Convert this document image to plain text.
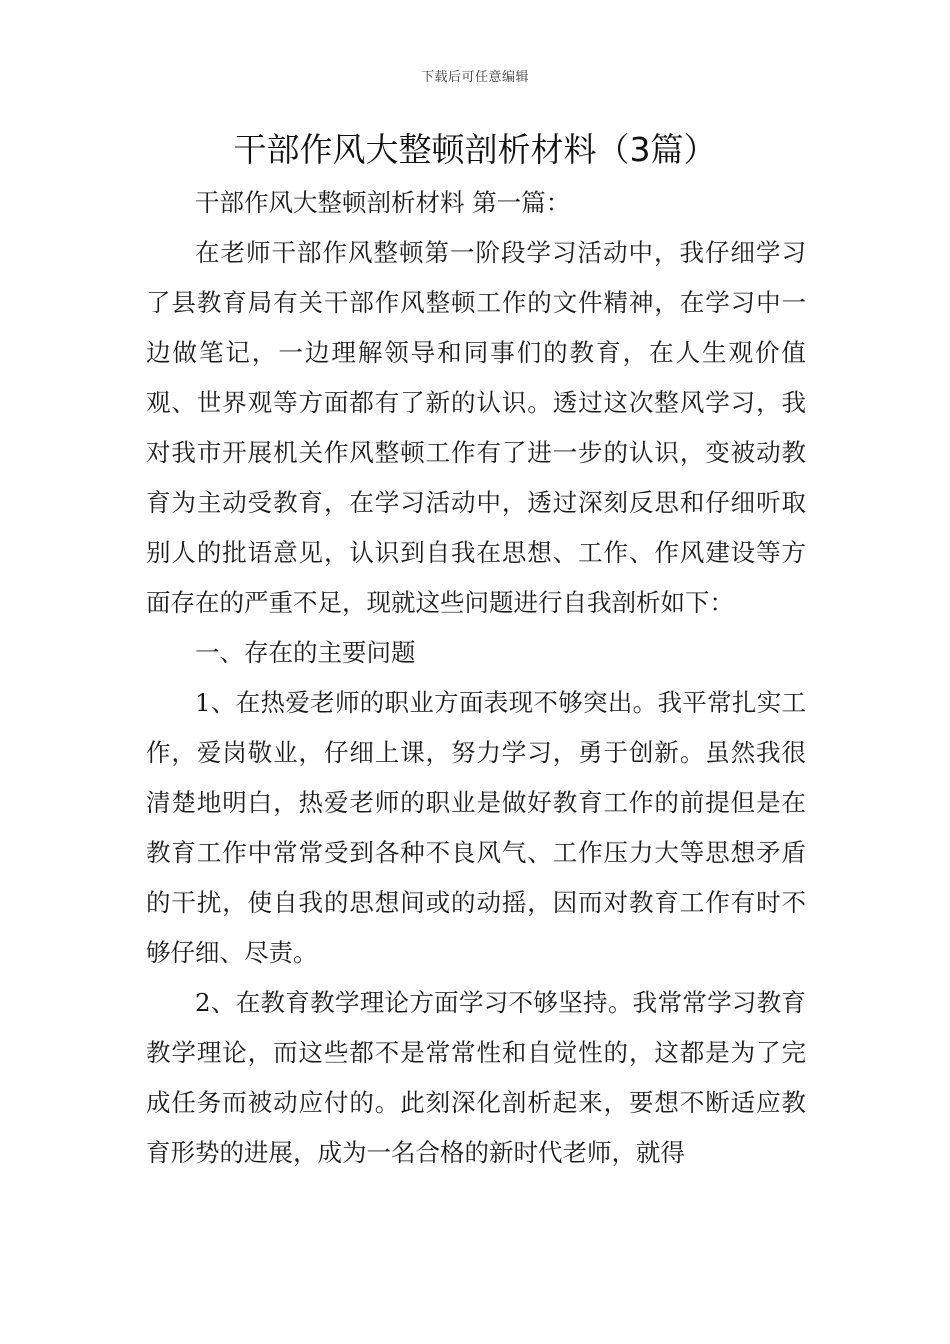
下载后可任意编辑
干部作风大整顿剖析材料（3篇）

干部作风大整顿剖析材料 第一篇：

在老师干部作风整顿第一阶段学习活动中，我仔细学习了县教育局有关干部作风整顿工作的文件精神，在学习中一边做笔记，一边理解领导和同事们的教育，在人生观价值观、世界观等方面都有了新的认识。透过这次整风学习，我对我市开展机关作风整顿工作有了进一步的认识，变被动教育为主动受教育，在学习活动中，透过深刻反思和仔细听取别人的批语意见，认识到自我在思想、工作、作风建设等方面存在的严重不足，现就这些问题进行自我剖析如下：

一、存在的主要问题

1、在热爱老师的职业方面表现不够突出。我平常扎实工作，爱岗敬业，仔细上课，努力学习，勇于创新。虽然我很清楚地明白，热爱老师的职业是做好教育工作的前提但是在教育工作中常常受到各种不良风气、工作压力大等思想矛盾的干扰，使自我的思想间或的动摇，因而对教育工作有时不够仔细、尽责。

2、在教育教学理论方面学习不够坚持。我常常学习教育教学理论，而这些都不是常常性和自觉性的，这都是为了完成任务而被动应付的。此刻深化剖析起来，要想不断适应教育形势的进展，成为一名合格的新时代老师，就得
